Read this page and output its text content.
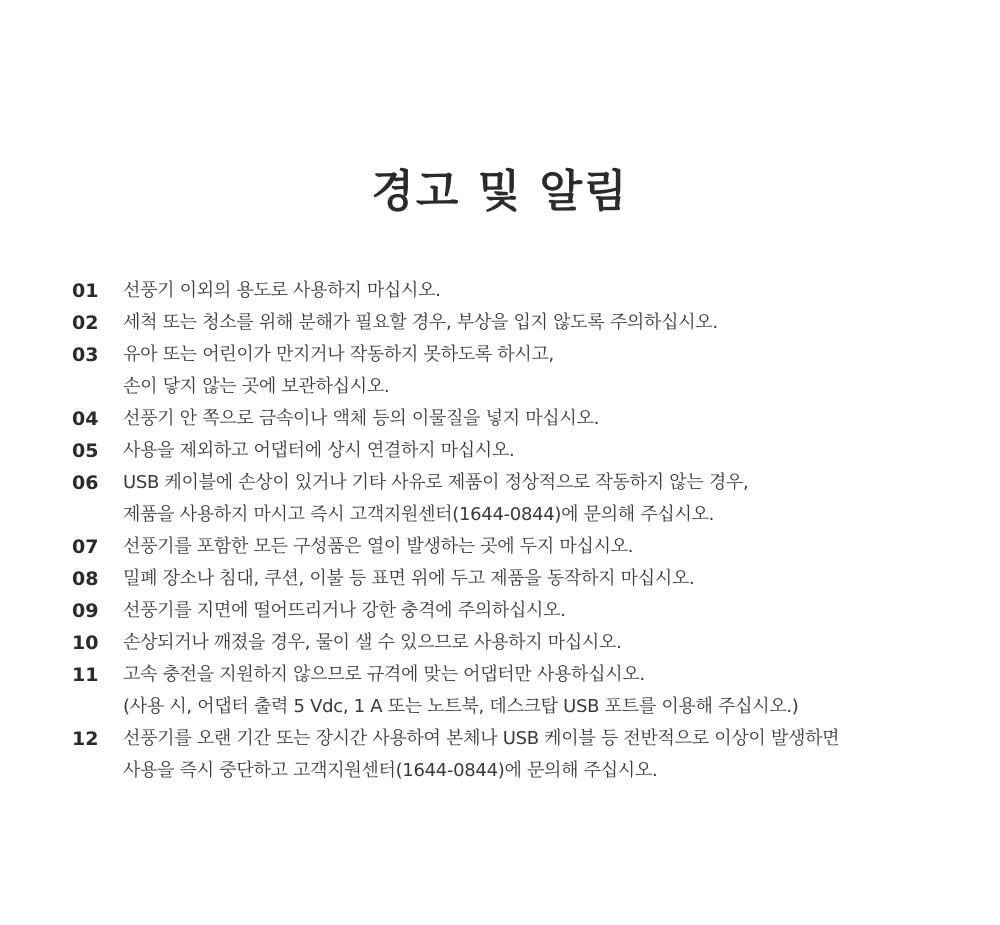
경고 및 알림
01	선풍기 이외의 용도로 사용하지 마십시오.
02	세척 또는 청소를 위해 분해가 필요할 경우, 부상을 입지 않도록 주의하십시오.
03	유아 또는 어린이가 만지거나 작동하지 못하도록 하시고,
손이 닿지 않는 곳에 보관하십시오.
04	선풍기 안 쪽으로 금속이나 액체 등의 이물질을 넣지 마십시오.
05	사용을 제외하고 어댑터에 상시 연결하지 마십시오.
06	USB 케이블에 손상이 있거나 기타 사유로 제품이 정상적으로 작동하지 않는 경우,
제품을 사용하지 마시고 즉시 고객지원센터(1644-0844)에 문의해 주십시오.
07	선풍기를 포함한 모든 구성품은 열이 발생하는 곳에 두지 마십시오.
08	밀폐 장소나 침대, 쿠션, 이불 등 표면 위에 두고 제품을 동작하지 마십시오.
09	선풍기를 지면에 떨어뜨리거나 강한 충격에 주의하십시오.
10	손상되거나 깨졌을 경우, 물이 샐 수 있으므로 사용하지 마십시오.
11	고속 충전을 지원하지 않으므로 규격에 맞는 어댑터만 사용하십시오.
(사용 시, 어댑터 출력 5 Vdc, 1 A 또는 노트북, 데스크탑 USB 포트를 이용해 주십시오.)
12	선풍기를 오랜 기간 또는 장시간 사용하여 본체나 USB 케이블 등 전반적으로 이상이 발생하면
사용을 즉시 중단하고 고객지원센터(1644-0844)에 문의해 주십시오.
